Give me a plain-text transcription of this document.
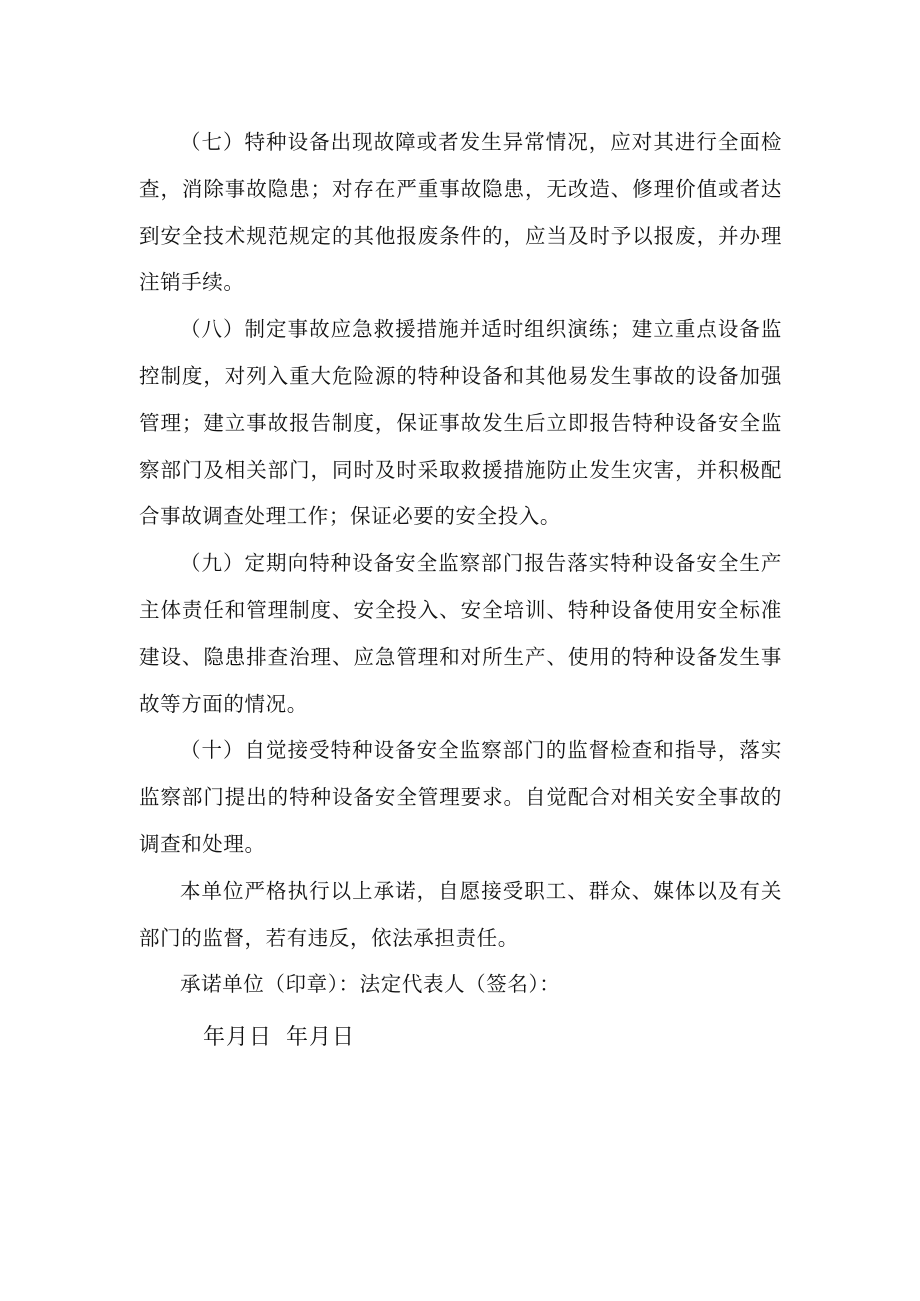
（七）特种设备出现故障或者发生异常情况，应对其进行全面检查，消除事故隐患；对存在严重事故隐患，无改造、修理价值或者达到安全技术规范规定的其他报废条件的，应当及时予以报废，并办理注销手续。

（八）制定事故应急救援措施并适时组织演练；建立重点设备监控制度，对列入重大危险源的特种设备和其他易发生事故的设备加强管理；建立事故报告制度，保证事故发生后立即报告特种设备安全监察部门及相关部门，同时及时采取救援措施防止发生灾害，并积极配合事故调查处理工作；保证必要的安全投入。

（九）定期向特种设备安全监察部门报告落实特种设备安全生产主体责任和管理制度、安全投入、安全培训、特种设备使用安全标准建设、隐患排查治理、应急管理和对所生产、使用的特种设备发生事故等方面的情况。

（十）自觉接受特种设备安全监察部门的监督检查和指导，落实监察部门提出的特种设备安全管理要求。自觉配合对相关安全事故的调查和处理。

本单位严格执行以上承诺，自愿接受职工、群众、媒体以及有关部门的监督，若有违反，依法承担责任。

承诺单位（印章）：法定代表人（签名）：

年月日 年月日
